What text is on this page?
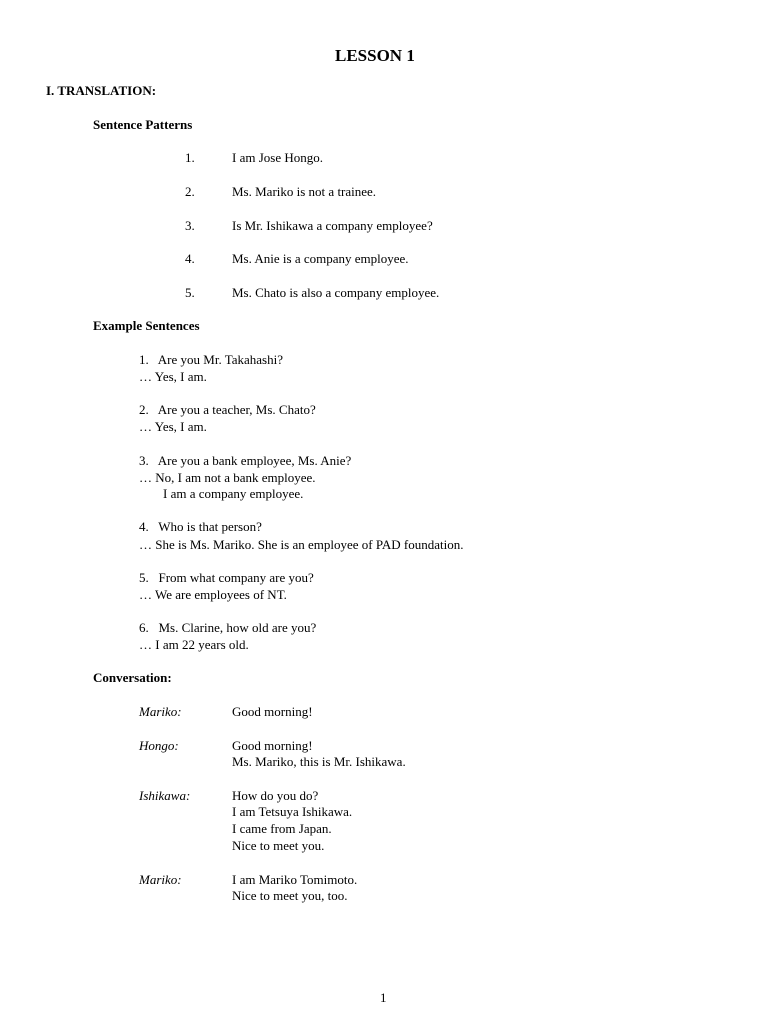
LESSON 1
I. TRANSLATION:
Sentence Patterns
1.	I am Jose Hongo.
2.	Ms. Mariko is not a trainee.
3.	Is Mr. Ishikawa a company employee?
4.	Ms. Anie is a company employee.
5.	Ms. Chato is also a company employee.
Example Sentences
1.   Are you Mr. Takahashi?
… Yes, I am.
2.   Are you a teacher, Ms. Chato?
… Yes, I am.
3.   Are you a bank employee, Ms. Anie?
… No, I am not a bank employee.
I am a company employee.
4.   Who is that person?
… She is Ms. Mariko. She is an employee of PAD foundation.
5.   From what company are you?
… We are employees of NT.
6.   Ms. Clarine, how old are you?
… I am 22 years old.
Conversation:
Mariko:	Good morning!
Hongo:	Good morning!
Ms. Mariko, this is Mr. Ishikawa.
Ishikawa:	How do you do?
I am Tetsuya Ishikawa.
I came from Japan.
Nice to meet you.
Mariko:	I am Mariko Tomimoto.
Nice to meet you, too.
1
